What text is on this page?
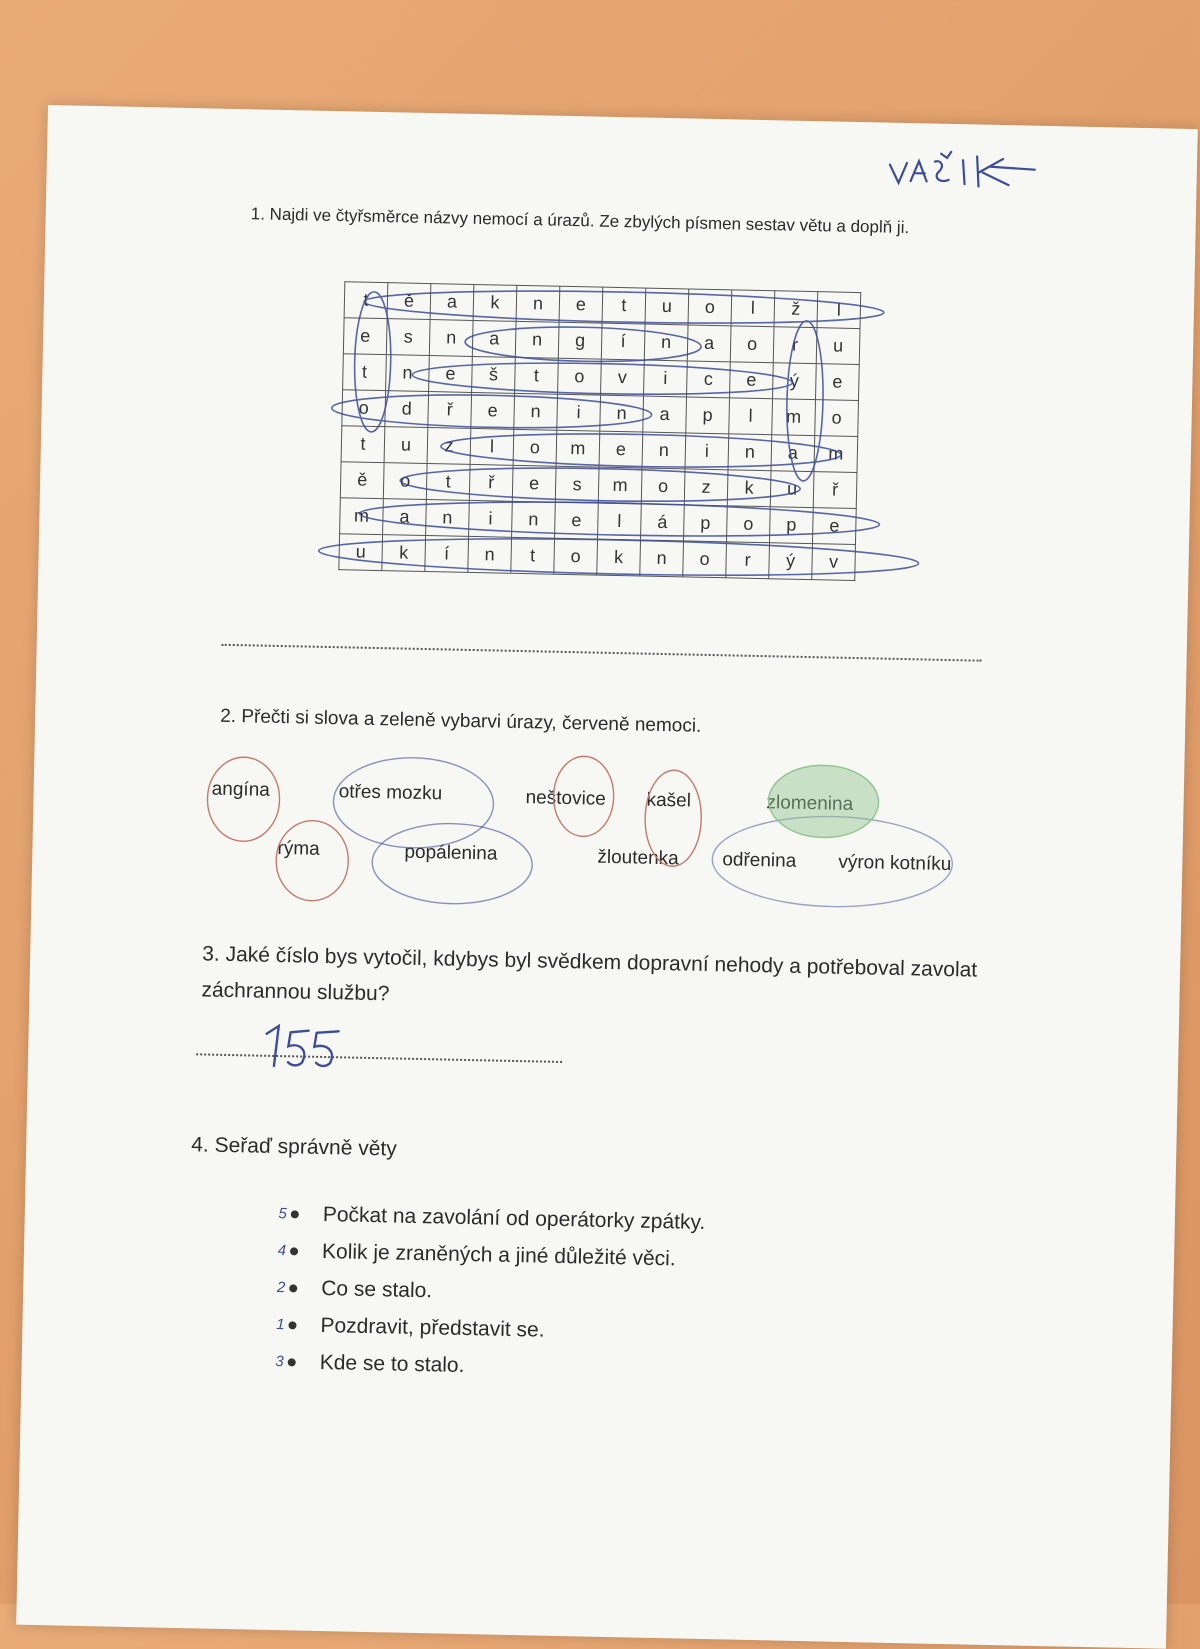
1. Najdi ve čtyřsměrce názvy nemocí a úrazů. Ze zbylých písmen sestav větu a doplň ji.
t	ě	a	k	n	e	t	u	o	l	ž	l
e	s	n	a	n	g	í	n	a	o	r	u
t	n	e	š	t	o	v	i	c	e	ý	e
o	d	ř	e	n	i	n	a	p	l	m	o
t	u	z	l	o	m	e	n	i	n	a	m
ě	o	t	ř	e	s	m	o	z	k	u	ř
m	a	n	i	n	e	l	á	p	o	p	e
u	k	í	n	t	o	k	n	o	r	ý	v
2. Přečti si slova a zeleně vybarvi úrazy, červeně nemoci.
angína	otřes mozku	neštovice kašel	zlomenina
rýma	popálenina	žloutenka odřenina výron kotníku
3. Jaké číslo bys vytočil, kdybys byl svědkem dopravní nehody a potřeboval zavolat záchrannou službu?
4. Seřaď správně věty
5 Počkat na zavolání od operátorky zpátky.
4 Kolik je zraněných a jiné důležité věci.
2 Co se stalo.
1 Pozdravit, představit se.
3 Kde se to stalo.
